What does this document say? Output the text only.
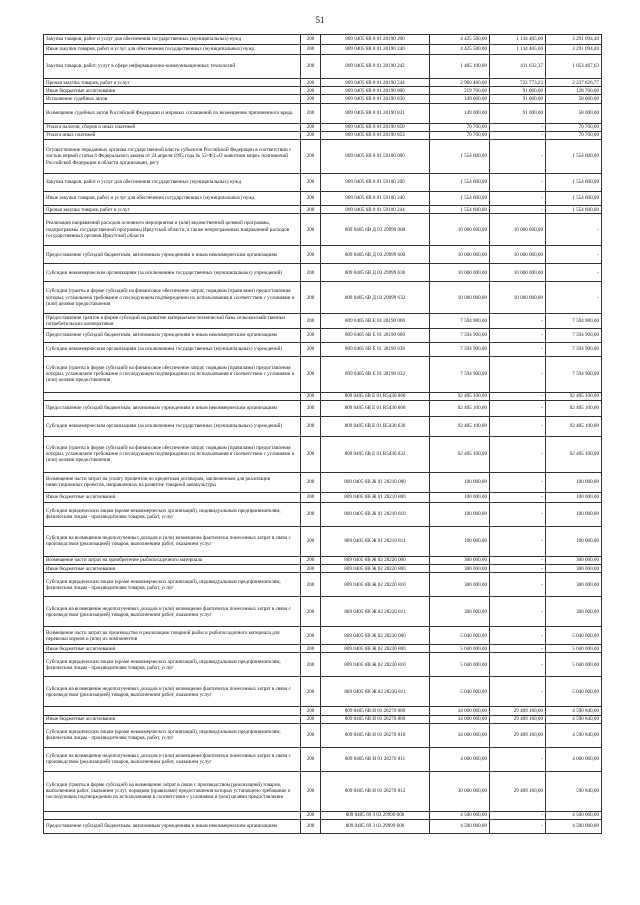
51
Закупка товаров, работ и услуг для обеспечения государственных (муниципальных) нужд	200	809 0405 6В 8 01 20190 200	4 425 500,00	1 134 405,60	3 291 094,40
Иные закупки товаров, работ и услуг для обеспечения государственных (муниципальных) нужд	200	809 0405 6В 8 01 20190 240	4 425 500,00	1 134 405,60	3 291 094,40
Закупка товаров, работ, услуг в сфере информационно-коммуникационных технологий	200	809 0405 6В 8 01 20190 242	1 465 100,00	411 632,37	1 053 467,63
Прочая закупка товаров, работ и услуг	200	809 0405 6В 8 01 20190 244	2 960 400,00	722 773,23	2 237 626,77
Иные бюджетные ассигнования	200	809 0405 6В 8 01 20190 800	219 700,00	91 000,00	128 700,00
Исполнение судебных актов	200	809 0405 6В 8 01 20190 830	149 000,00	91 000,00	58 000,00
Возмещение судебных актов Российской Федерации и мировых соглашений по возмещению причиненного вреда	200	809 0405 6В 8 01 20190 831	149 000,00	91 000,00	58 000,00
Уплата налогов, сборов и иных платежей	200	809 0405 6В 8 01 20190 850	70 700,00	-	70 700,00
Уплата иных платежей	200	809 0405 6В 8 01 20190 853	70 700,00	-	70 700,00
Осуществление переданных органам государственной власти субъектов Российской Федерации в соответствии с частью первой статьи 6 Федерального закона от 24 апреля 1995 года № 52-ФЗ «О животном мире» полномочий Российской Федерации в области организации, регу	200	809 0405 6В 8 01 59100 000	1 554 600,00	-	1 554 600,00
Закупка товаров, работ и услуг для обеспечения государственных (муниципальных) нужд	200	809 0405 6В 8 01 59100 200	1 554 600,00	-	1 554 600,00
Иные закупки товаров, работ и услуг для обеспечения государственных (муниципальных) нужд	200	809 0405 6В 8 01 59100 240	1 554 600,00	-	1 554 600,00
Прочая закупка товаров, работ и услуг	200	809 0405 6В 8 01 59100 244	1 554 600,00	-	1 554 600,00
Реализация направлений расходов основного мероприятия и (или) ведомственной целевой программы, подпрограммы государственной программы Иркутской области, а также непрограммных направлений расходов государственных органов Иркутской области	200	809 0405 6В Д 03 29999 000	10 000 000,00	10 000 000,00	-
Предоставление субсидий бюджетным, автономным учреждениям и иным некоммерческим организациям	200	809 0405 6В Д 03 29999 600	10 000 000,00	10 000 000,00	-
Субсидии некоммерческим организациям (за исключением государственных (муниципальных) учреждений)	200	809 0405 6В Д 03 29999 630	10 000 000,00	10 000 000,00	-
Субсидии (гранты в форме субсидий) на финансовое обеспечение затрат, порядком (правилами) предоставления которых установлено требование о последующем подтверждении их использования в соответствии с условиями и (или) целями предоставления	200	809 0405 6В Д 03 29999 632	10 000 000,00	10 000 000,00	-
Предоставление грантов в форме субсидий на развитие материально-технической базы сельскохозяйственных потребительских кооперативов	200	809 0405 6В Е 01 28190 000	7 594 900,00	-	7 594 900,00
Предоставление субсидий бюджетным, автономным учреждениям и иным некоммерческим организациям	200	809 0405 6В Е 01 28190 600	7 594 900,00	-	7 594 900,00
Субсидии некоммерческим организациям (за исключением государственных (муниципальных) учреждений)	200	809 0405 6В Е 01 28190 630	7 594 900,00	-	7 594 900,00
Субсидии (гранты в форме субсидий) на финансовое обеспечение затрат, порядком (правилами) предоставления которых установлено требование о последующем подтверждении их использования в соответствии с условиями и (или) целями предоставления	200	809 0405 6В Е 01 28190 632	7 594 900,00	-	7 594 900,00
	200	809 0405 6В Е 01 R5430 000	92 405 100,00	-	92 405 100,00
Предоставление субсидий бюджетным, автономным учреждениям и иным некоммерческим организациям	200	809 0405 6В Е 01 R5430 600	92 405 100,00	-	92 405 100,00
Субсидии некоммерческим организациям (за исключением государственных (муниципальных) учреждений)	200	809 0405 6В Е 01 R5430 630	92 405 100,00	-	92 405 100,00
Субсидии (гранты в форме субсидий) на финансовое обеспечение затрат, порядком (правилами) предоставления которых установлено требование о последующем подтверждении их использования в соответствии с условиями и (или) целями предоставления	200	809 0405 6В Е 01 R5430 632	92 405 100,00	-	92 405 100,00
Возмещение части затрат на уплату процентов по кредитным договорам, заключенным для реализации инвестиционных проектов, направленных на развитие товарной аквакультуры	200	809 0405 6В Ж 01 28210 000	100 000,00	-	100 000,00
Иные бюджетные ассигнования	200	809 0405 6В Ж 01 28210 800	100 000,00	-	100 000,00
Субсидии юридическим лицам (кроме некоммерческих организаций), индивидуальным предпринимателям, физическим лицам - производителям товаров, работ, услуг	200	809 0405 6В Ж 01 28210 810	100 000,00	-	100 000,00
Субсидии на возмещение недополученных доходов и (или) возмещение фактически понесенных затрат в связи с производством (реализацией) товаров, выполнением работ, оказанием услуг	200	809 0405 6В Ж 01 28210 811	100 000,00	-	100 000,00
Возмещение части затрат на приобретение рыбопосадочного материала	200	809 0405 6В Ж 02 28220 000	300 000,00	-	300 000,00
Иные бюджетные ассигнования	200	809 0405 6В Ж 02 28220 800	300 000,00	-	300 000,00
Субсидии юридическим лицам (кроме некоммерческих организаций), индивидуальным предпринимателям, физическим лицам - производителям товаров, работ, услуг	200	809 0405 6В Ж 02 28220 810	300 000,00	-	300 000,00
Субсидии на возмещение недополученных доходов и (или) возмещение фактически понесенных затрат в связи с производством (реализацией) товаров, выполнением работ, оказанием услуг	200	809 0405 6В Ж 02 28220 811	300 000,00	-	300 000,00
Возмещение части затрат на производство и реализацию товарной рыбы и рыбопосадочного материала для перевозки кормов и (или) их компонентов	200	809 0405 6В Ж 02 28230 000	5 040 000,00	-	5 040 000,00
Иные бюджетные ассигнования	200	809 0405 6В Ж 02 28230 800	5 040 000,00	-	5 040 000,00
Субсидии юридическим лицам (кроме некоммерческих организаций), индивидуальным предпринимателям, физическим лицам - производителям товаров, работ, услуг	200	809 0405 6В Ж 02 28230 810	5 040 000,00	-	5 040 000,00
Субсидии на возмещение недополученных доходов и (или) возмещение фактически понесенных затрат в связи с производством (реализацией) товаров, выполнением работ, оказанием услуг	200	809 0405 6В Ж 02 28230 811	5 040 000,00	-	5 040 000,00
	200	809 0405 6В И 01 28270 000	34 000 000,00	29 409 160,00	4 590 840,00
Иные бюджетные ассигнования	200	809 0405 6В И 01 28270 800	34 000 000,00	29 409 160,00	4 590 840,00
Субсидии юридическим лицам (кроме некоммерческих организаций), индивидуальным предпринимателям, физическим лицам - производителям товаров, работ, услуг	200	809 0405 6В И 01 28270 810	34 000 000,00	29 409 160,00	4 590 840,00
Субсидии на возмещение недополученных доходов и (или) возмещение фактически понесенных затрат в связи с производством (реализацией) товаров, выполнением работ, оказанием услуг	200	809 0405 6В И 01 28270 811	4 000 000,00	-	4 000 000,00
Субсидии (гранты в форме субсидий) на возмещение затрат в связи с производством (реализацией) товаров, выполнением работ, оказанием услуг, порядком (правилами) предоставления которых установлено требование о последующем подтверждении их использования в соответствии с условиями и (или) целями предоставления	200	809 0405 6В И 01 28270 812	30 000 000,00	29 409 160,00	590 840,00
	200	809 0405 69 3 03 29999 000	4 500 000,00	-	4 500 000,00
Предоставление субсидий бюджетным, автономным учреждениям и иным некоммерческим организациям	200	809 0405 69 3 03 29999 600	4 500 000,00	-	4 500 000,00
